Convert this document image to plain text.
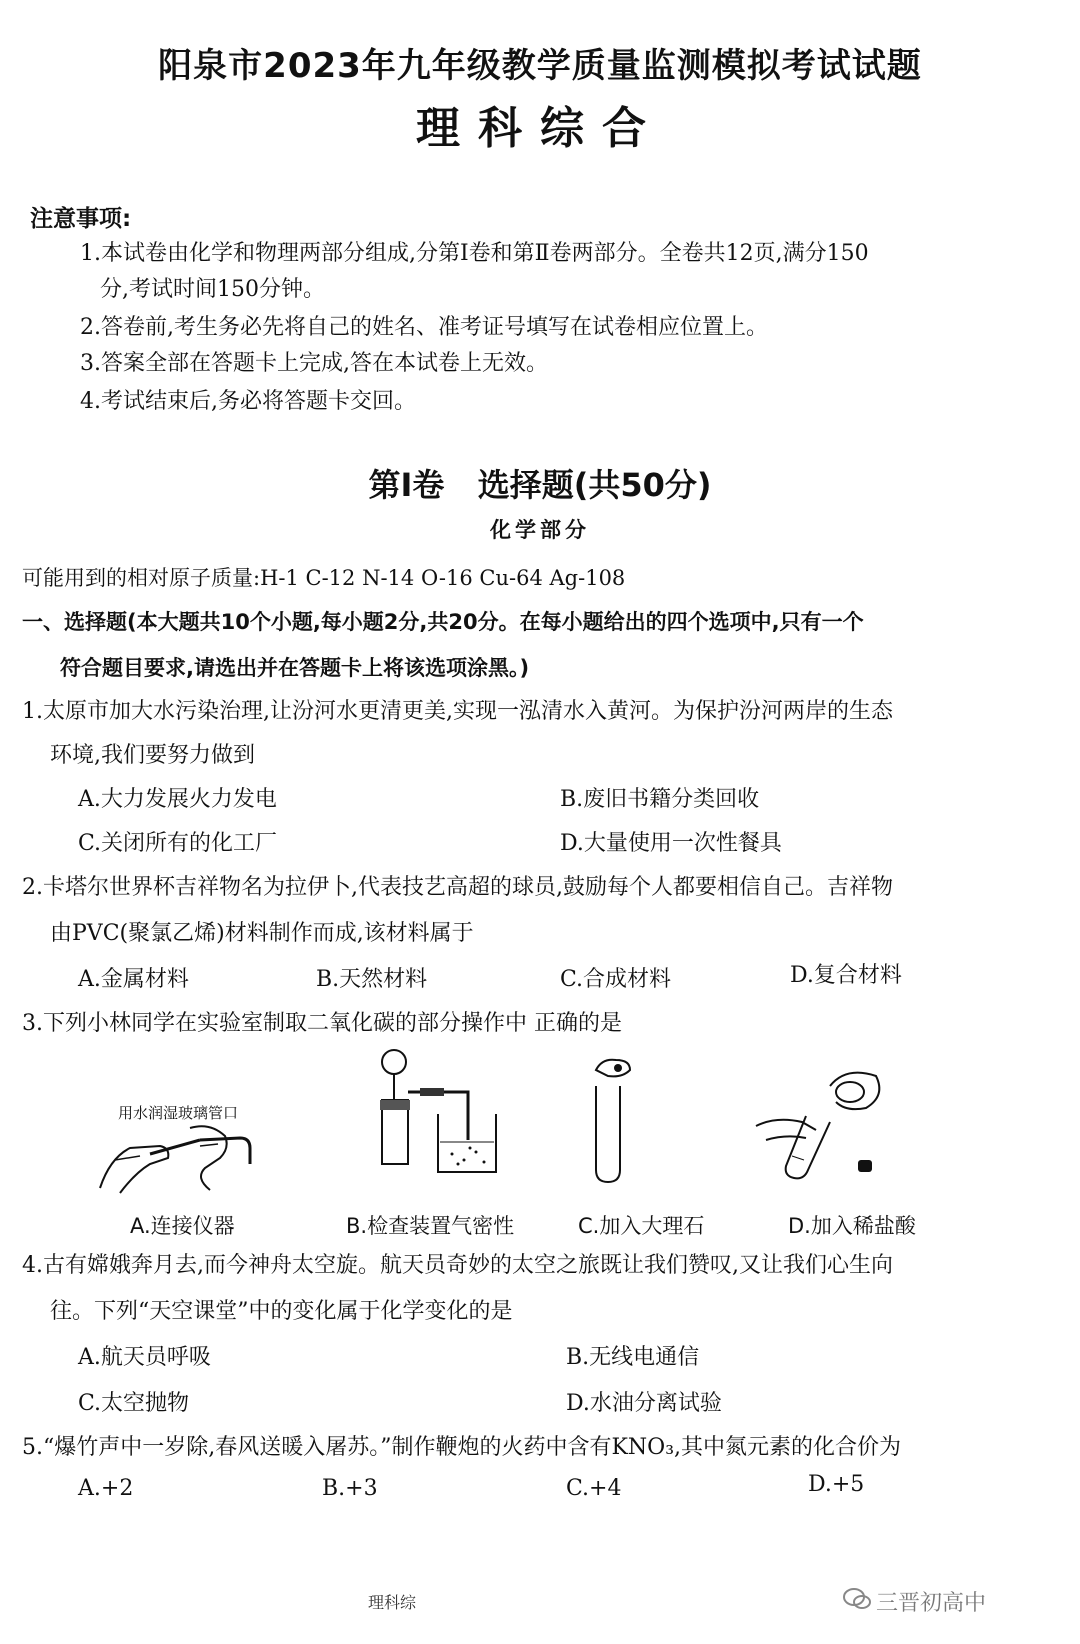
阳泉市2023年九年级教学质量监测模拟考试试题
理科综合
注意事项:
1.本试卷由化学和物理两部分组成,分第Ⅰ卷和第Ⅱ卷两部分。全卷共12页,满分150
分,考试时间150分钟。
2.答卷前,考生务必先将自己的姓名、准考证号填写在试卷相应位置上。
3.答案全部在答题卡上完成,答在本试卷上无效。
4.考试结束后,务必将答题卡交回。
第Ⅰ卷   选择题(共50分)
化学部分
可能用到的相对原子质量:H-1 C-12 N-14 O-16 Cu-64 Ag-108
一、选择题(本大题共10个小题,每小题2分,共20分。在每小题给出的四个选项中,只有一个
符合题目要求,请选出并在答题卡上将该选项涂黑。)
1.太原市加大水污染治理,让汾河水更清更美,实现一泓清水入黄河。为保护汾河两岸的生态
环境,我们要努力做到
A.大力发展火力发电	B.废旧书籍分类回收
C.关闭所有的化工厂	D.大量使用一次性餐具
2.卡塔尔世界杯吉祥物名为拉伊卜,代表技艺高超的球员,鼓励每个人都要相信自己。吉祥物
由PVC(聚氯乙烯)材料制作而成,该材料属于
A.金属材料	B.天然材料	C.合成材料	D.复合材料
3.下列小林同学在实验室制取二氧化碳的部分操作中 正确的是
用水润湿玻璃管口
A.连接仪器	B.检查装置气密性	C.加入大理石	D.加入稀盐酸
4.古有嫦娥奔月去,而今神舟太空旋。航天员奇妙的太空之旅既让我们赞叹,又让我们心生向
往。下列“天空课堂”中的变化属于化学变化的是
A.航天员呼吸	B.无线电通信
C.太空抛物	D.水油分离试验
5.“爆竹声中一岁除,春风送暖入屠苏。”制作鞭炮的火药中含有KNO₃,其中氮元素的化合价为
A.+2	B.+3	C.+4	D.+5
理科综	三晋初高中
